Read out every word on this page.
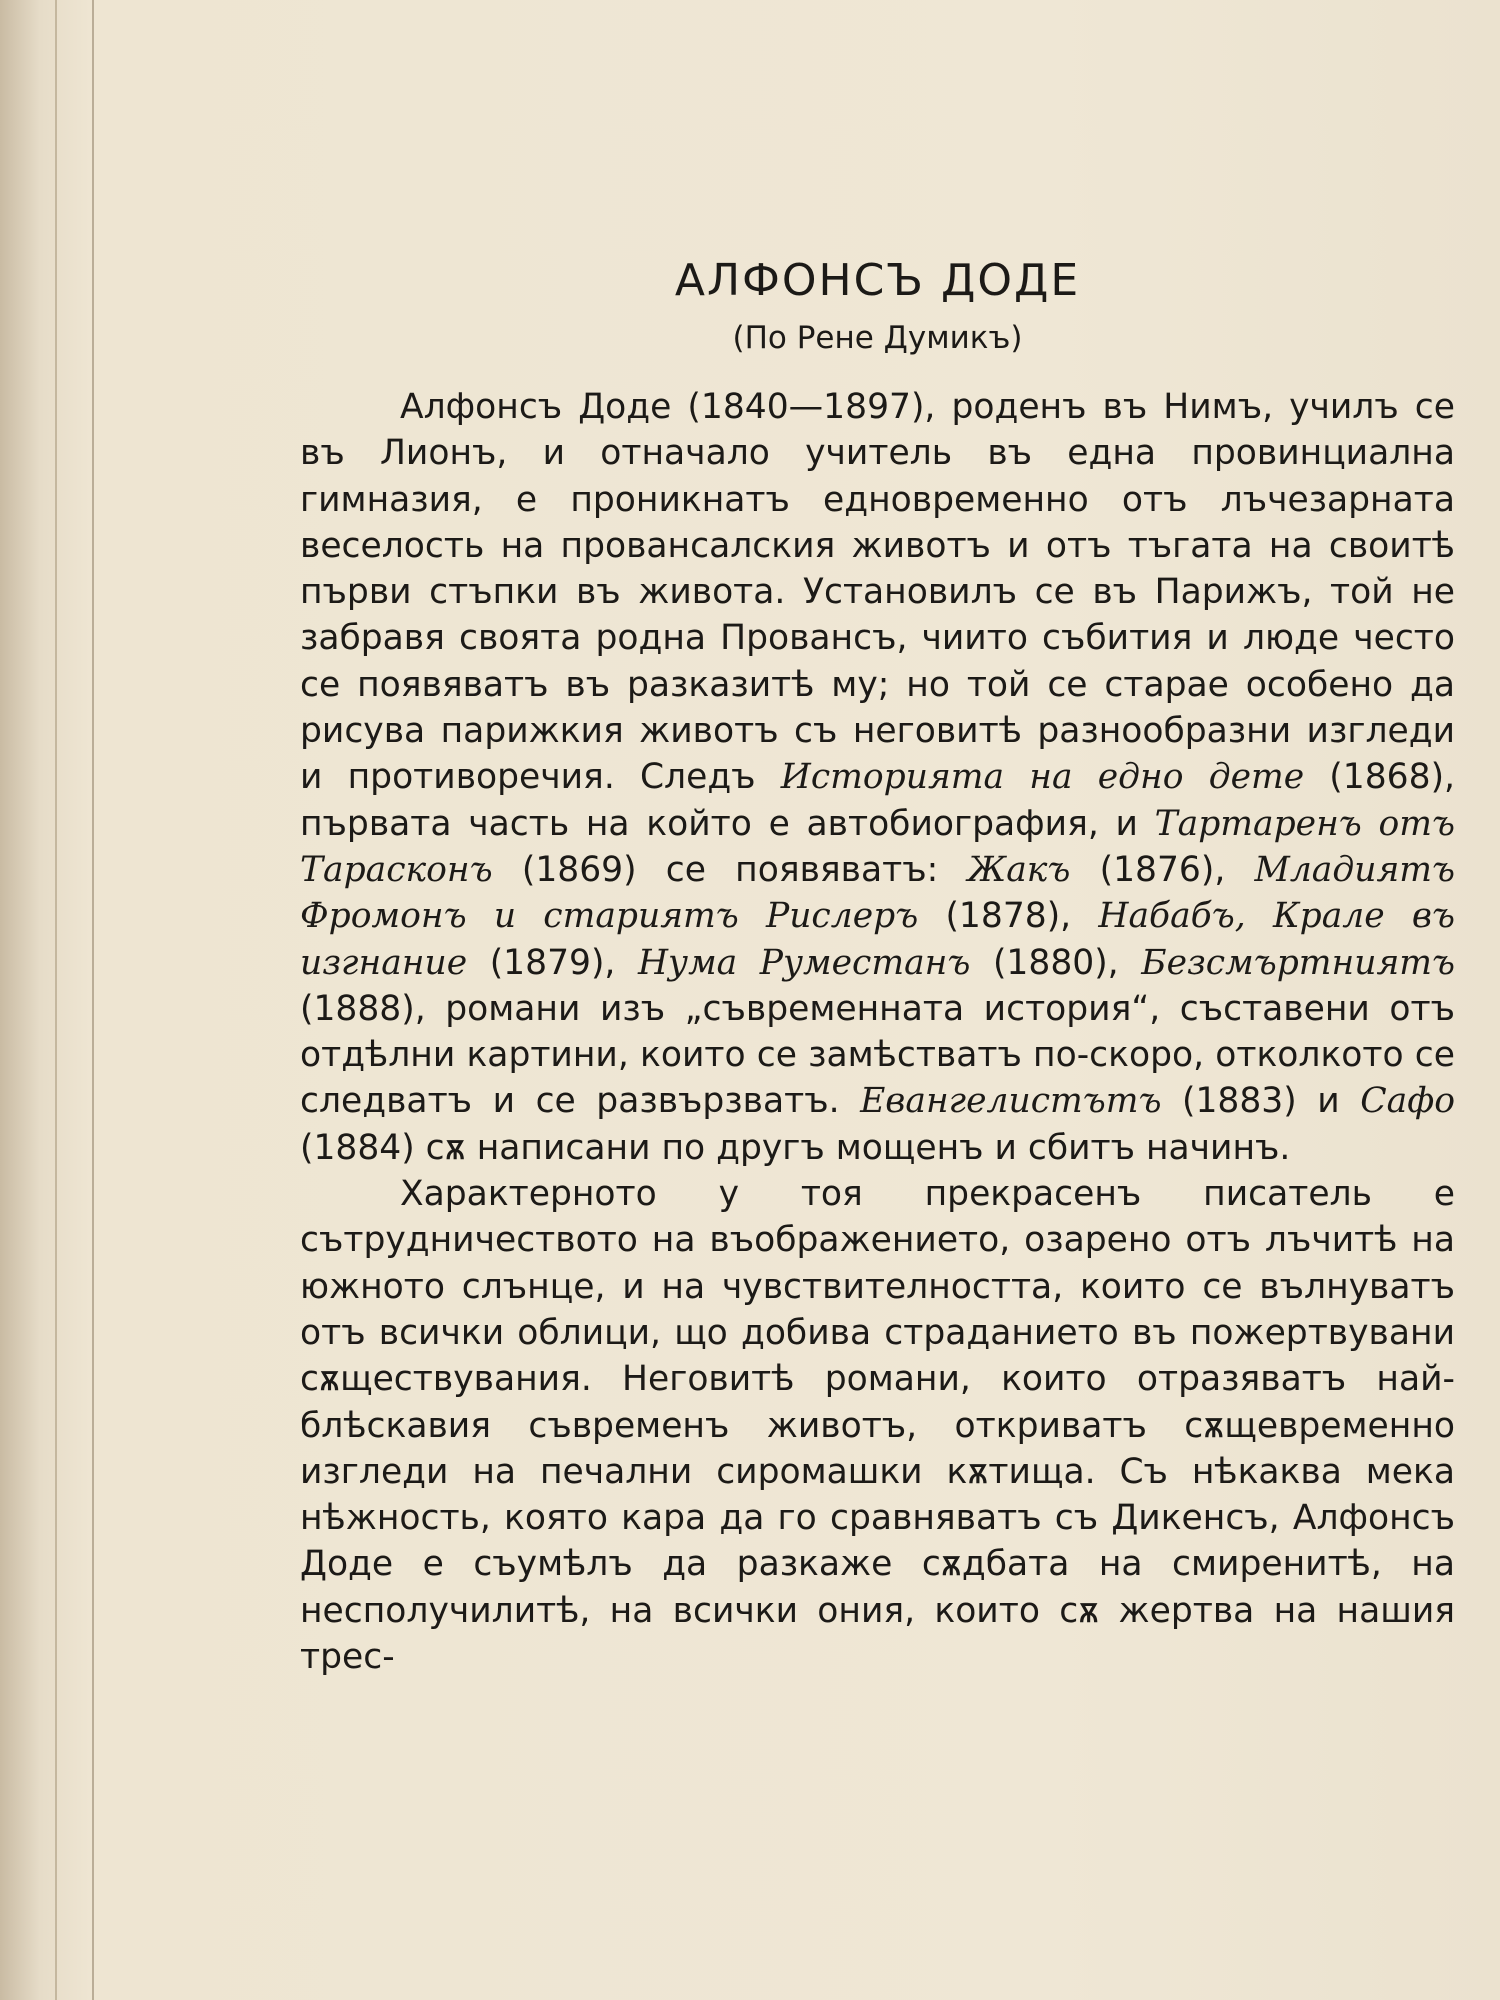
АЛФОНСЪ ДОДЕ
(По Рене Думикъ)

Алфонсъ Доде (1840—1897), роденъ въ Нимъ, училъ се въ Лионъ, и отначало учитель въ една провинциална гимназия, е проникнатъ едновременно отъ лъчезарната веселость на провансалския животъ и отъ тъгата на своитѣ първи стъпки въ живота. Установилъ се въ Парижъ, той не забравя своята родна Провансъ, чиито събития и люде често се появяватъ въ разказитѣ му; но той се старае особено да рисува парижкия животъ съ неговитѣ разнообразни изгледи и противоречия. Следъ Историята на едно дете (1868), първата часть на който е автобиография, и Тартаренъ отъ Тарасконъ (1869) се появяватъ: Жакъ (1876), Младиятъ Фромонъ и стариятъ Рислеръ (1878), Набабъ, Крале въ изгнание (1879), Нума Руместанъ (1880), Безсмъртниятъ (1888), романи изъ „съвременната история“, съставени отъ отдѣлни картини, които се замѣстватъ по-скоро, отколкото се следватъ и се развързватъ. Евангелистътъ (1883) и Сафо (1884) сѫ написани по другъ мощенъ и сбитъ начинъ.

Характерното у тоя прекрасенъ писатель е сътрудничеството на въображението, озарено отъ лъчитѣ на южното слънце, и на чувствителността, които се вълнуватъ отъ всички облици, що добива страданието въ пожертвувани сѫществувания. Неговитѣ романи, които отразяватъ най-блѣскавия съвременъ животъ, откриватъ сѫщевременно изгледи на печални сиромашки кѫтища. Съ нѣкаква мека нѣжность, която кара да го сравняватъ съ Дикенсъ, Алфонсъ Доде е съумѣлъ да разкаже сѫдбата на смиренитѣ, на несполучилитѣ, на всички ония, които сѫ жертва на нашия трес-
